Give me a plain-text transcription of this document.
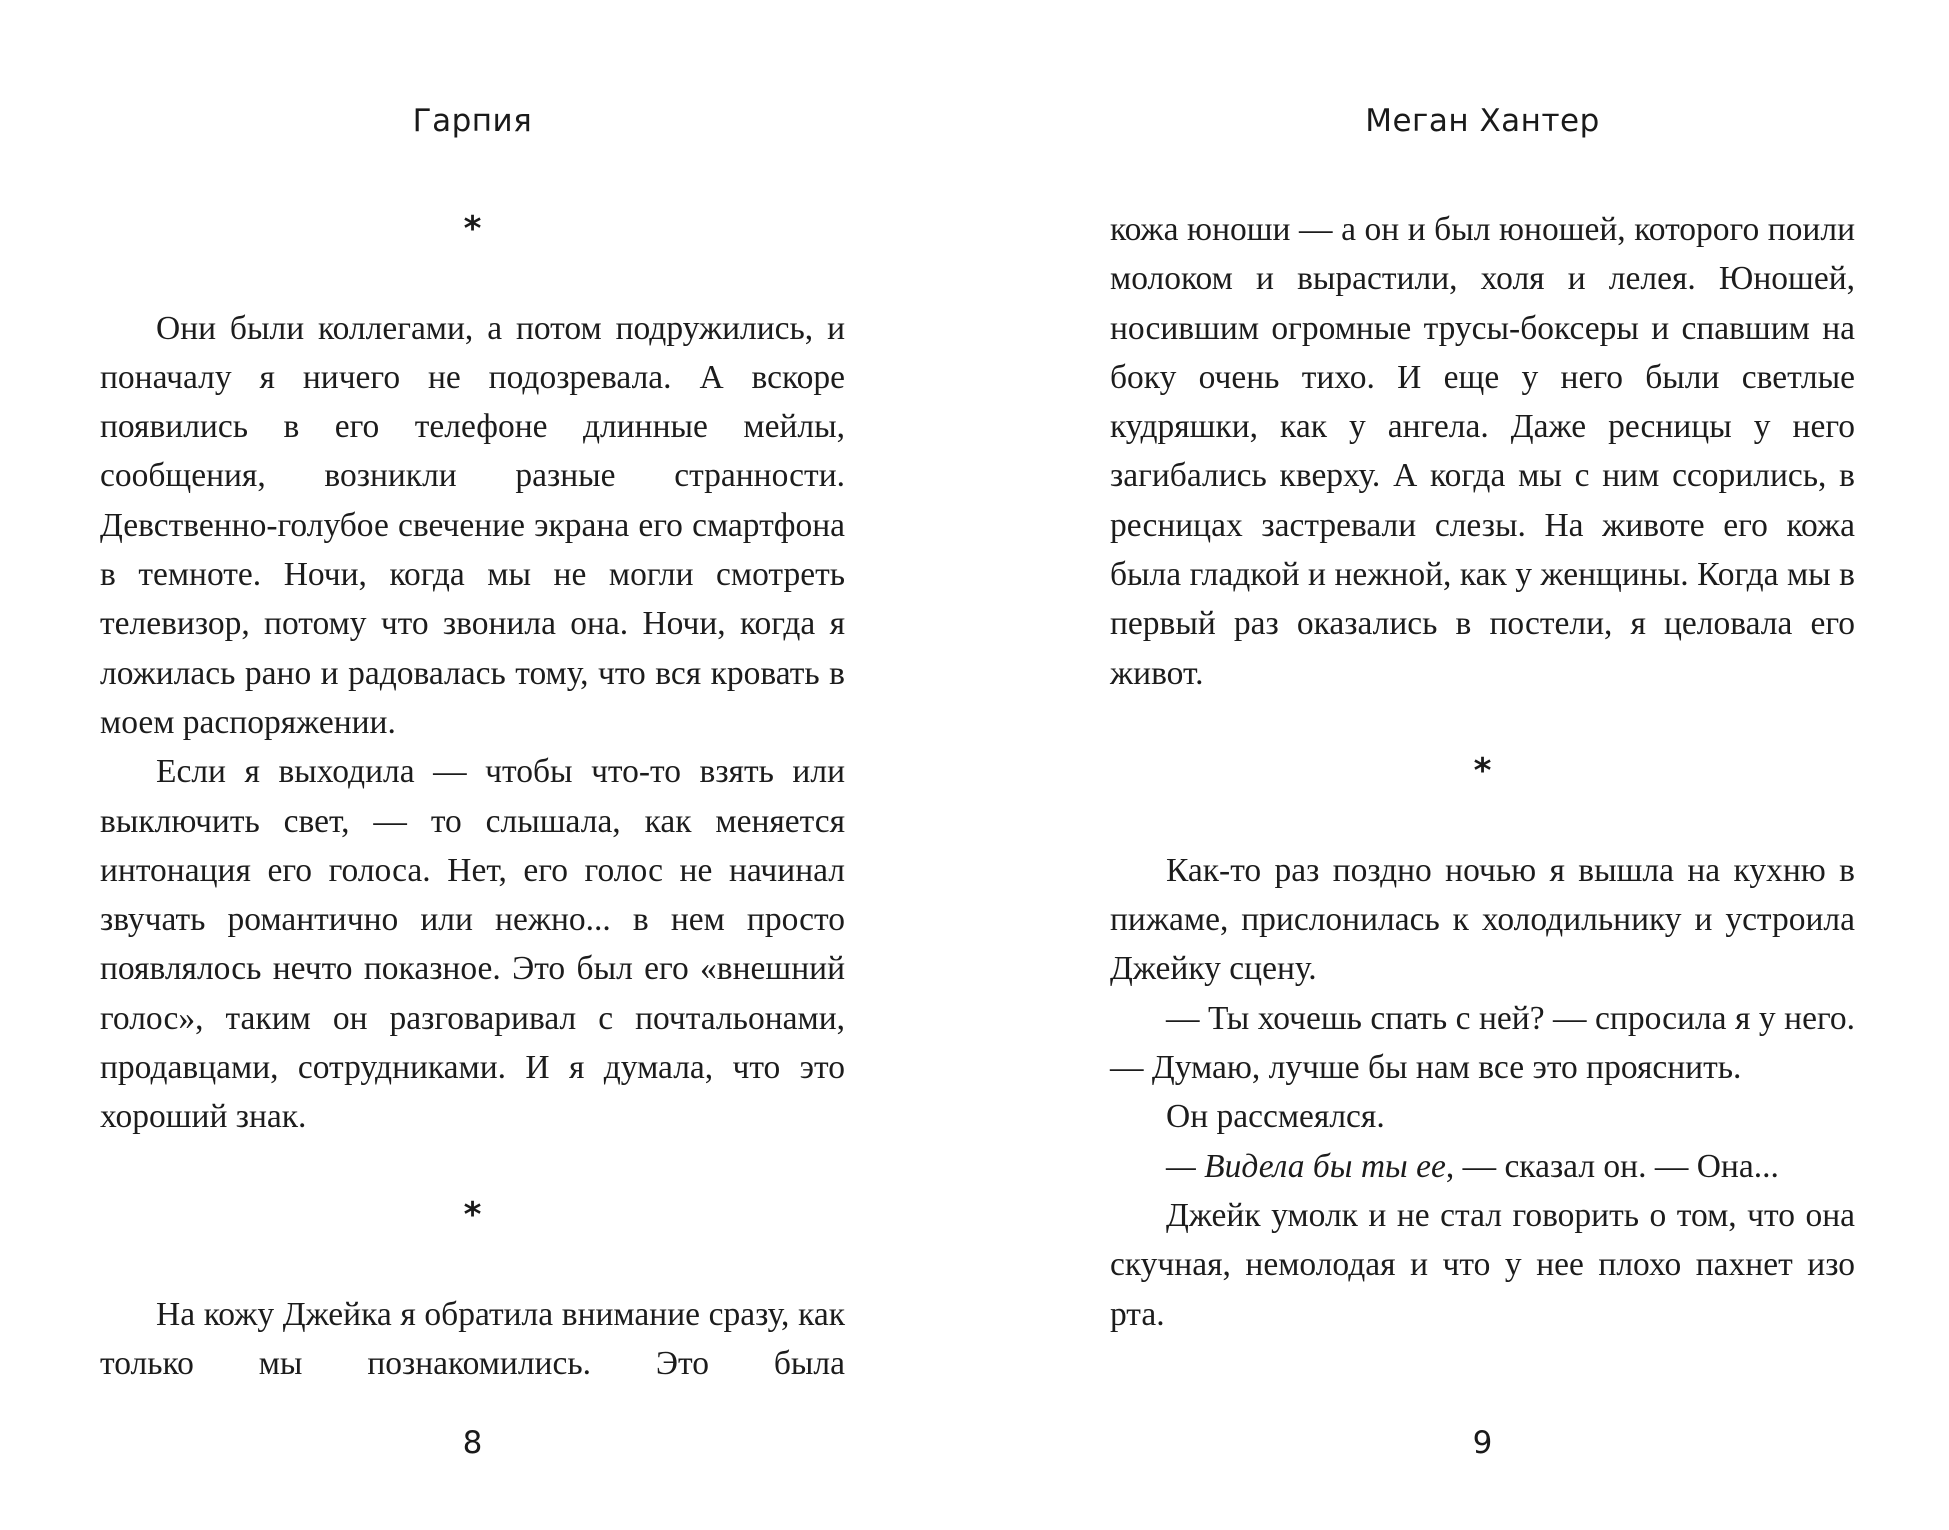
Гарпия
*

Они были коллегами, а потом подружились, и поначалу я ничего не подозревала. А вскоре появились в его телефоне длинные мейлы, сообщения, возникли разные странности. Девственно-голубое свечение экрана его смартфона в темноте. Ночи, когда мы не могли смотреть телевизор, потому что звонила она. Ночи, когда я ложилась рано и радовалась тому, что вся кровать в моем распоряжении.

Если я выходила — чтобы что-то взять или выключить свет, — то слышала, как меняется интонация его голоса. Нет, его голос не начинал звучать романтично или нежно... в нем просто появлялось нечто показное. Это был его «внешний голос», таким он разговаривал с почтальонами, продавцами, сотрудниками. И я думала, что это хороший знак.

*

На кожу Джейка я обратила внимание сразу, как только мы познакомились. Это была

8
Меган Хантер

кожа юноши — а он и был юношей, которого поили молоком и вырастили, холя и лелея. Юношей, носившим огромные трусы-боксеры и спавшим на боку очень тихо. И еще у него были светлые кудряшки, как у ангела. Даже ресницы у него загибались кверху. А когда мы с ним ссорились, в ресницах застревали слезы. На животе его кожа была гладкой и нежной, как у женщины. Когда мы в первый раз оказались в постели, я целовала его живот.

*

Как-то раз поздно ночью я вышла на кухню в пижаме, прислонилась к холодильнику и устроила Джейку сцену.

— Ты хочешь спать с ней? — спросила я у него. — Думаю, лучше бы нам все это прояснить.

Он рассмеялся.

— Видела бы ты ее, — сказал он. — Она...

Джейк умолк и не стал говорить о том, что она скучная, немолодая и что у нее плохо пахнет изо рта.

9
